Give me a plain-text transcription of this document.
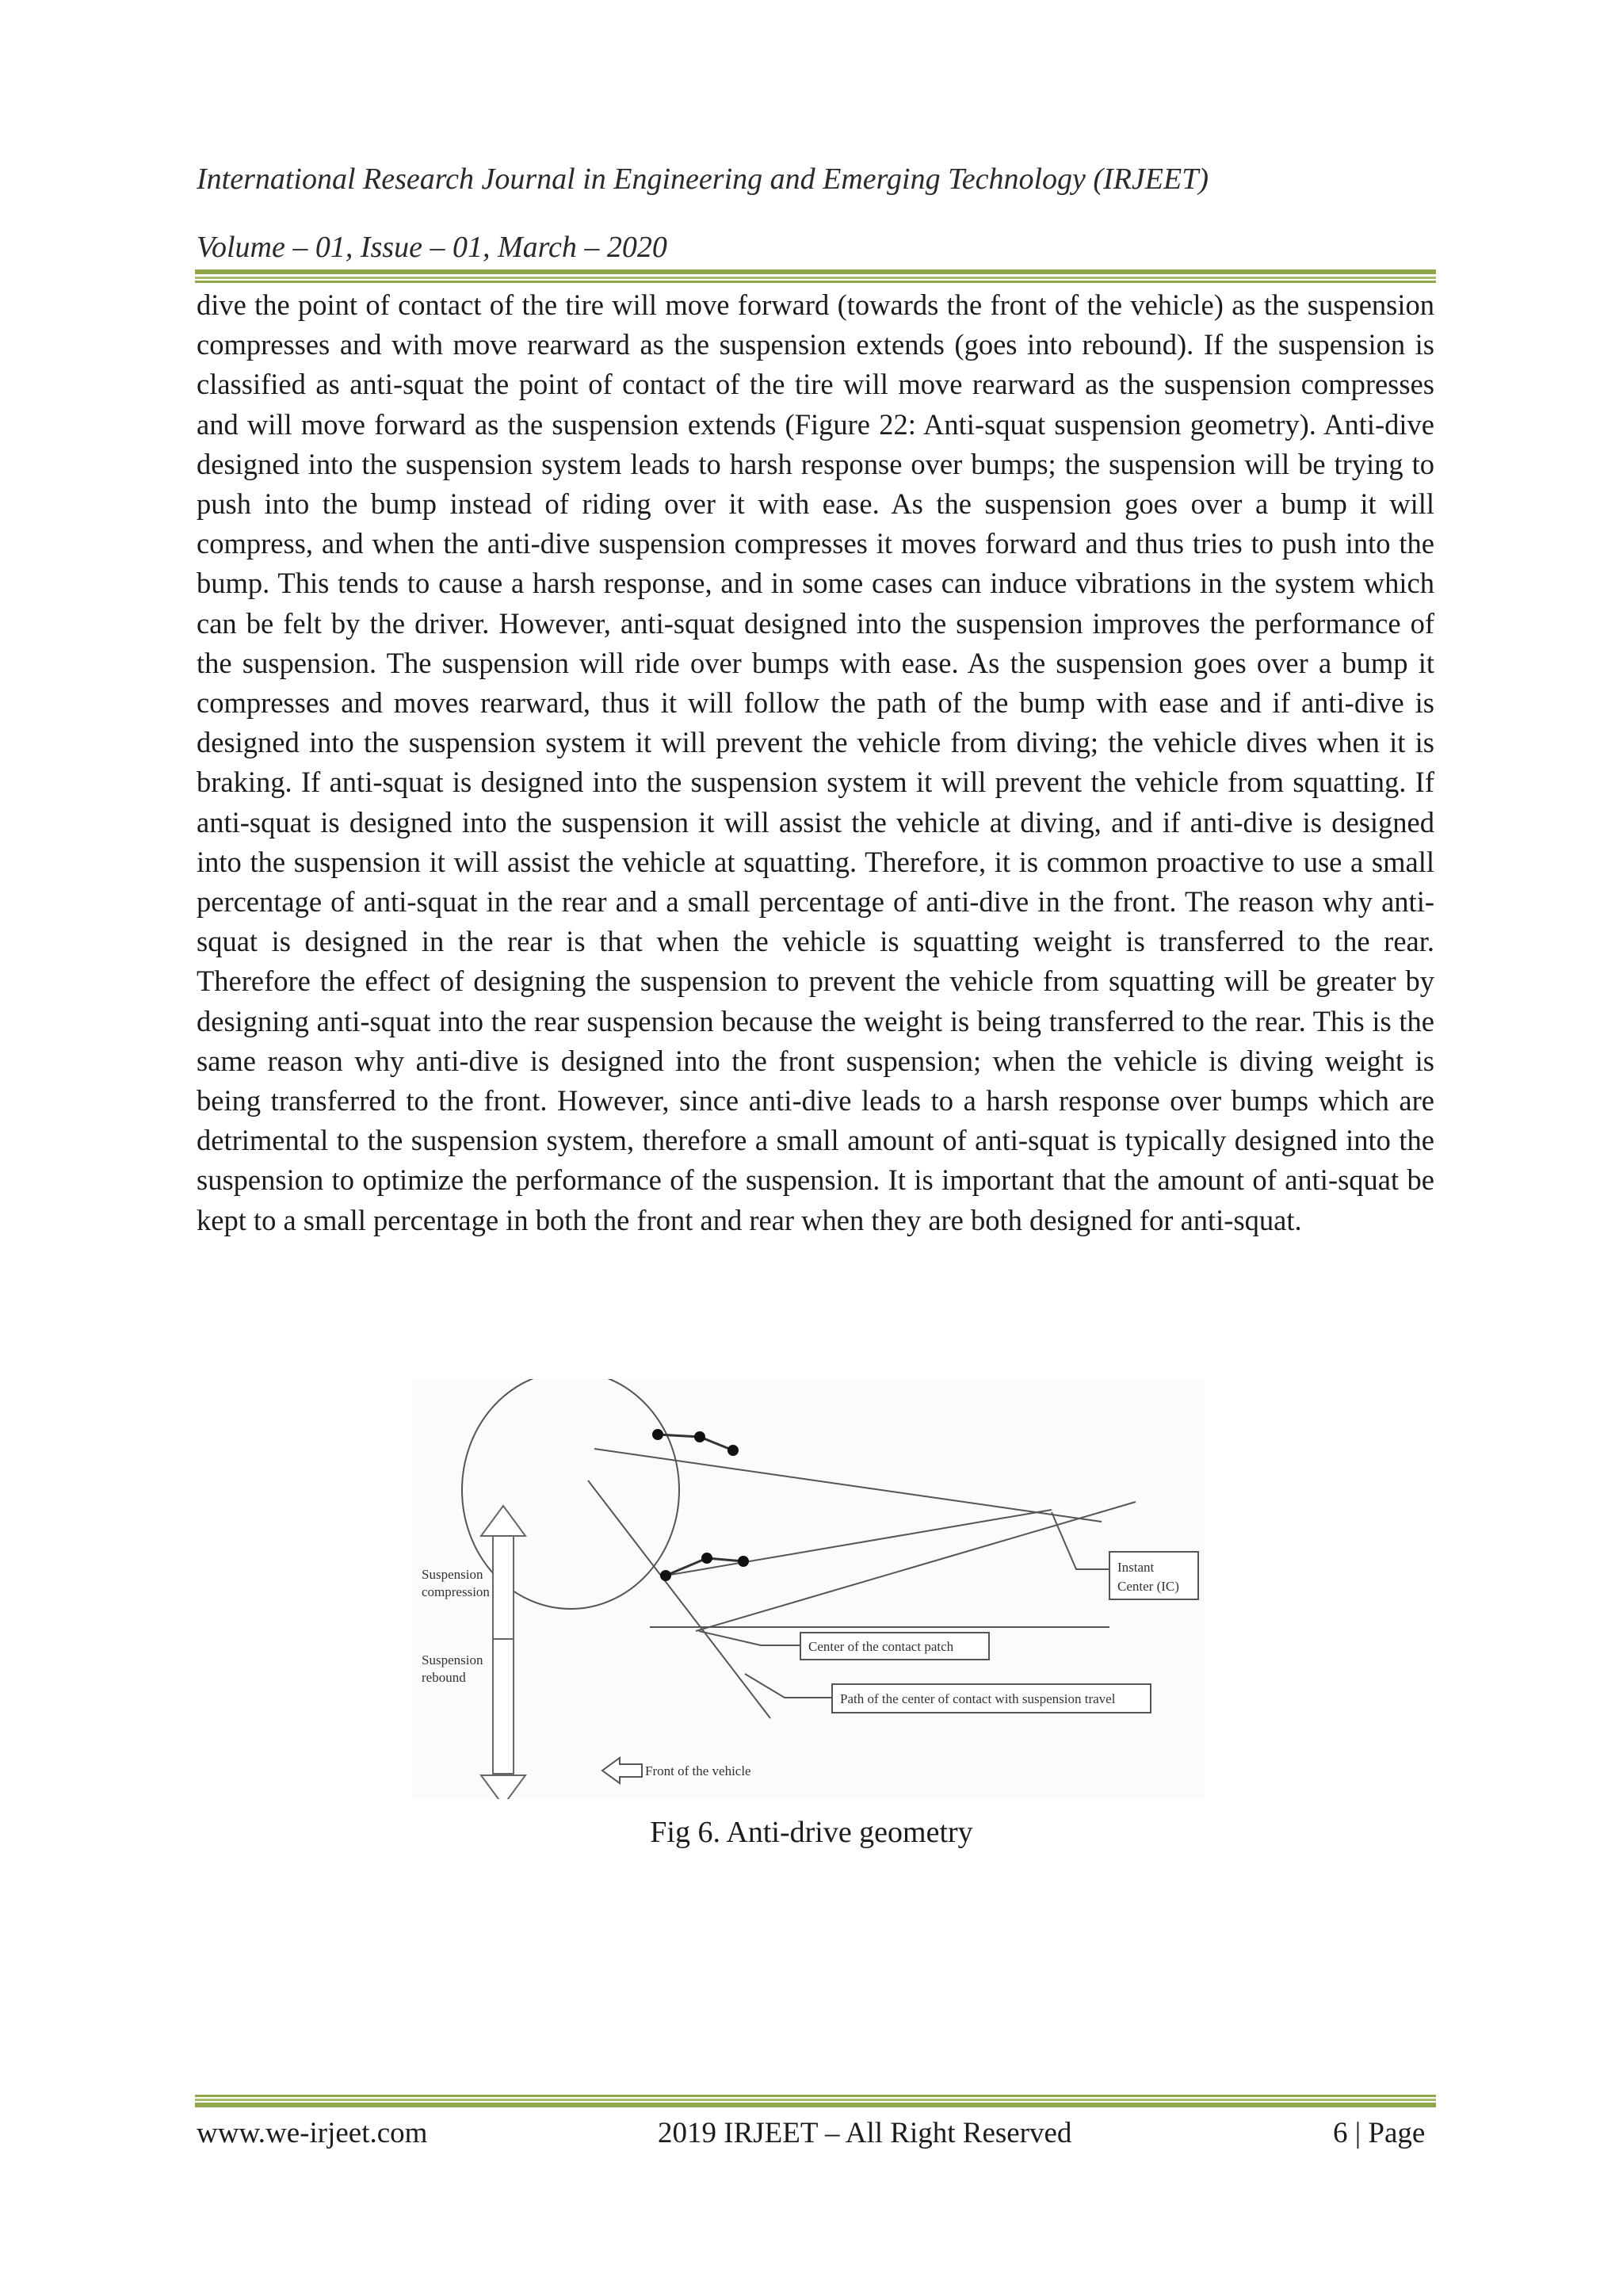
International Research Journal in Engineering and Emerging Technology (IRJEET)
Volume – 01, Issue – 01, March – 2020

dive the point of contact of the tire will move forward (towards the front of the vehicle) as the suspension compresses and with move rearward as the suspension extends (goes into rebound). If the suspension is classified as anti-squat the point of contact of the tire will move rearward as the suspension compresses and will move forward as the suspension extends (Figure 22: Anti-squat suspension geometry). Anti-dive designed into the suspension system leads to harsh response over bumps; the suspension will be trying to push into the bump instead of riding over it with ease. As the suspension goes over a bump it will compress, and when the anti-dive suspension compresses it moves forward and thus tries to push into the bump. This tends to cause a harsh response, and in some cases can induce vibrations in the system which can be felt by the driver. However, anti-squat designed into the suspension improves the performance of the suspension. The suspension will ride over bumps with ease. As the suspension goes over a bump it compresses and moves rearward, thus it will follow the path of the bump with ease and if anti-dive is designed into the suspension system it will prevent the vehicle from diving; the vehicle dives when it is braking. If anti-squat is designed into the suspension system it will prevent the vehicle from squatting. If anti-squat is designed into the suspension it will assist the vehicle at diving, and if anti-dive is designed into the suspension it will assist the vehicle at squatting. Therefore, it is common proactive to use a small percentage of anti-squat in the rear and a small percentage of anti-dive in the front. The reason why anti-squat is designed in the rear is that when the vehicle is squatting weight is transferred to the rear. Therefore the effect of designing the suspension to prevent the vehicle from squatting will be greater by designing anti-squat into the rear suspension because the weight is being transferred to the rear. This is the same reason why anti-dive is designed into the front suspension; when the vehicle is diving weight is being transferred to the front. However, since anti-dive leads to a harsh response over bumps which are detrimental to the suspension system, therefore a small amount of anti-squat is typically designed into the suspension to optimize the performance of the suspension. It is important that the amount of anti-squat be kept to a small percentage in both the front and rear when they are both designed for anti-squat.

Instant
Center (IC)
Center of the contact patch
Path of the center of contact with suspension travel
Suspension
compression
Suspension
rebound
Front of the vehicle
Fig 6. Anti-drive geometry
www.we-irjeet.com	2019 IRJEET – All Right Reserved	6 | Page
